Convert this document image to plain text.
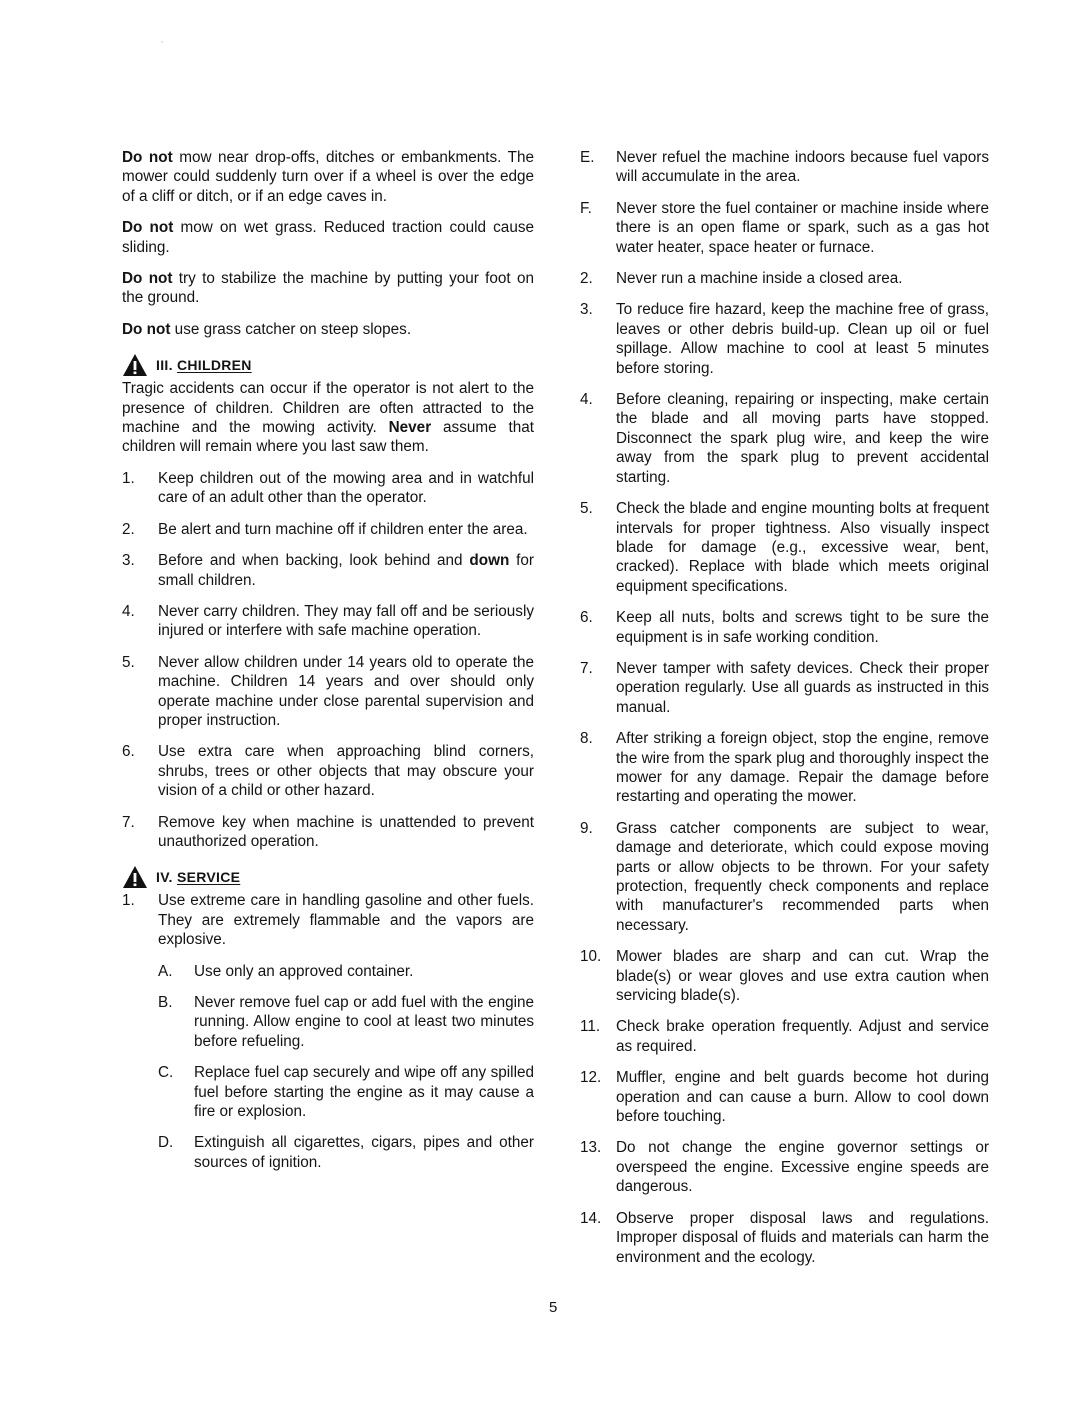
Do not mow near drop-offs, ditches or embankments. The mower could suddenly turn over if a wheel is over the edge of a cliff or ditch, or if an edge caves in.

Do not mow on wet grass. Reduced traction could cause sliding.

Do not try to stabilize the machine by putting your foot on the ground.

Do not use grass catcher on steep slopes.

III. CHILDREN

Tragic accidents can occur if the operator is not alert to the presence of children. Children are often attracted to the machine and the mowing activity. Never assume that children will remain where you last saw them.

1.	Keep children out of the mowing area and in watchful care of an adult other than the operator.
2.	Be alert and turn machine off if children enter the area.
3.	Before and when backing, look behind and down for small children.
4.	Never carry children. They may fall off and be seriously injured or interfere with safe machine operation.
5.	Never allow children under 14 years old to operate the machine. Children 14 years and over should only operate machine under close parental supervision and proper instruction.
6.	Use extra care when approaching blind corners, shrubs, trees or other objects that may obscure your vision of a child or other hazard.
7.	Remove key when machine is unattended to prevent unauthorized operation.
IV. SERVICE
1.	Use extreme care in handling gasoline and other fuels. They are extremely flammable and the vapors are explosive.
A.	Use only an approved container.
B.	Never remove fuel cap or add fuel with the engine running. Allow engine to cool at least two minutes before refueling.
C.	Replace fuel cap securely and wipe off any spilled fuel before starting the engine as it may cause a fire or explosion.
D.	Extinguish all cigarettes, cigars, pipes and other sources of ignition.
E.	Never refuel the machine indoors because fuel vapors will accumulate in the area.
F.	Never store the fuel container or machine inside where there is an open flame or spark, such as a gas hot water heater, space heater or furnace.
2.	Never run a machine inside a closed area.
3.	To reduce fire hazard, keep the machine free of grass, leaves or other debris build-up. Clean up oil or fuel spillage. Allow machine to cool at least 5 minutes before storing.
4.	Before cleaning, repairing or inspecting, make certain the blade and all moving parts have stopped. Disconnect the spark plug wire, and keep the wire away from the spark plug to prevent accidental starting.
5.	Check the blade and engine mounting bolts at frequent intervals for proper tightness. Also visually inspect blade for damage (e.g., excessive wear, bent, cracked). Replace with blade which meets original equipment specifications.
6.	Keep all nuts, bolts and screws tight to be sure the equipment is in safe working condition.
7.	Never tamper with safety devices. Check their proper operation regularly. Use all guards as instructed in this manual.
8.	After striking a foreign object, stop the engine, remove the wire from the spark plug and thoroughly inspect the mower for any damage. Repair the damage before restarting and operating the mower.
9.	Grass catcher components are subject to wear, damage and deteriorate, which could expose moving parts or allow objects to be thrown. For your safety protection, frequently check components and replace with manufacturer's recommended parts when necessary.
10. Mower blades are sharp and can cut. Wrap the blade(s) or wear gloves and use extra caution when servicing blade(s).
11.	Check brake operation frequently. Adjust and service as required.
12. Muffler, engine and belt guards become hot during operation and can cause a burn. Allow to cool down before touching.
13. Do not change the engine governor settings or overspeed the engine. Excessive engine speeds are dangerous.
14. Observe proper disposal laws and regulations. Improper disposal of fluids and materials can harm the environment and the ecology.
5
